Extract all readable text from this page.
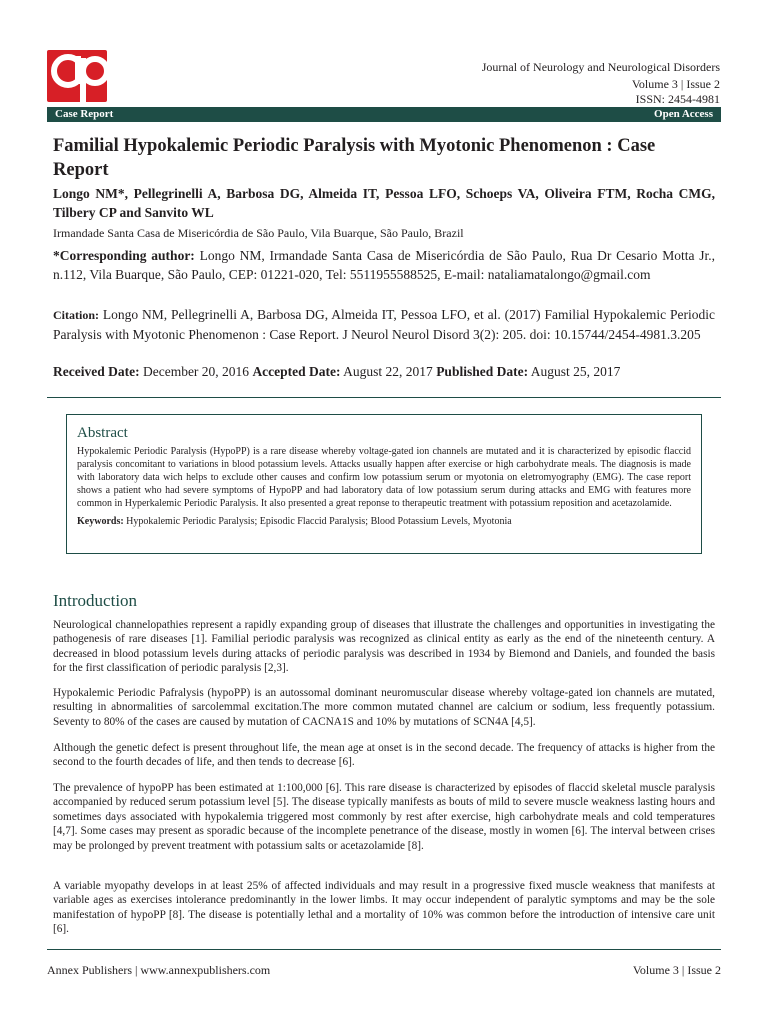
Journal of Neurology and Neurological Disorders
Volume 3 | Issue 2
ISSN: 2454-4981
Case Report	Open Access
Familial Hypokalemic Periodic Paralysis with Myotonic Phenomenon : Case Report
Longo NM*, Pellegrinelli A, Barbosa DG, Almeida IT, Pessoa LFO, Schoeps VA, Oliveira FTM, Rocha CMG, Tilbery CP and Sanvito WL
Irmandade Santa Casa de Misericórdia de São Paulo, Vila Buarque, São Paulo, Brazil
*Corresponding author: Longo NM, Irmandade Santa Casa de Misericórdia de São Paulo, Rua Dr Cesario Motta Jr., n.112, Vila Buarque, São Paulo, CEP: 01221-020, Tel: 5511955588525, E-mail: nataliamatalongo@gmail.com
Citation: Longo NM, Pellegrinelli A, Barbosa DG, Almeida IT, Pessoa LFO, et al. (2017) Familial Hypokalemic Periodic Paralysis with Myotonic Phenomenon : Case Report. J Neurol Neurol Disord 3(2): 205. doi: 10.15744/2454-4981.3.205
Received Date: December 20, 2016 Accepted Date: August 22, 2017 Published Date: August 25, 2017
Abstract

Hypokalemic Periodic Paralysis (HypoPP) is a rare disease whereby voltage-gated ion channels are mutated and it is characterized by episodic flaccid paralysis concomitant to variations in blood potassium levels. Attacks usually happen after exercise or high carbohydrate meals. The diagnosis is made with laboratory data wich helps to exclude other causes and confirm low potassium serum or myotonia on eletromyography (EMG). The case report shows a patient who had severe symptoms of HypoPP and had laboratory data of low potassium serum during attacks and EMG with features more common in Hyperkalemic Periodic Paralysis. It also presented a great reponse to therapeutic treatment with potassium reposition and acetazolamide.

Keywords: Hypokalemic Periodic Paralysis; Episodic Flaccid Paralysis; Blood Potassium Levels, Myotonia

Introduction

Neurological channelopathies represent a rapidly expanding group of diseases that illustrate the challenges and opportunities in investigating the pathogenesis of rare diseases [1]. Familial periodic paralysis was recognized as clinical entity as early as the end of the nineteenth century. A decreased in blood potassium levels during attacks of periodic paralysis was described in 1934 by Biemond and Daniels, and founded the basis for the first classification of periodic paralysis [2,3].

Hypokalemic Periodic Pafralysis (hypoPP) is an autossomal dominant neuromuscular disease whereby voltage-gated ion channels are mutated, resulting in abnormalities of sarcolemmal excitation.The more common mutated channel are calcium or sodium, less frequently potassium. Seventy to 80% of the cases are caused by mutation of CACNA1S and 10% by mutations of SCN4A [4,5].

Although the genetic defect is present throughout life, the mean age at onset is in the second decade. The frequency of attacks is higher from the second to the fourth decades of life, and then tends to decrease [6].

The prevalence of hypoPP has been estimated at 1:100,000 [6]. This rare disease is characterized by episodes of flaccid skeletal muscle paralysis accompanied by reduced serum potassium level [5]. The disease typically manifests as bouts of mild to severe muscle weakness lasting hours and sometimes days associated with hypokalemia triggered most commonly by rest after exercise, high carbohydrate meals and cold temperatures [4,7]. Some cases may present as sporadic because of the incomplete penetrance of the disease, mostly in women [6]. The interval between crises may be prolonged by prevent treatment with potassium salts or acetazolamide [8].

A variable myopathy develops in at least 25% of affected individuals and may result in a progressive fixed muscle weakness that manifests at variable ages as exercises intolerance predominantly in the lower limbs. It may occur independent of paralytic symptoms and may be the sole manifestation of hypoPP [8]. The disease is potentially lethal and a mortality of 10% was common before the introduction of intensive care unit [6].

Annex Publishers | www.annexpublishers.com	Volume 3 | Issue 2
